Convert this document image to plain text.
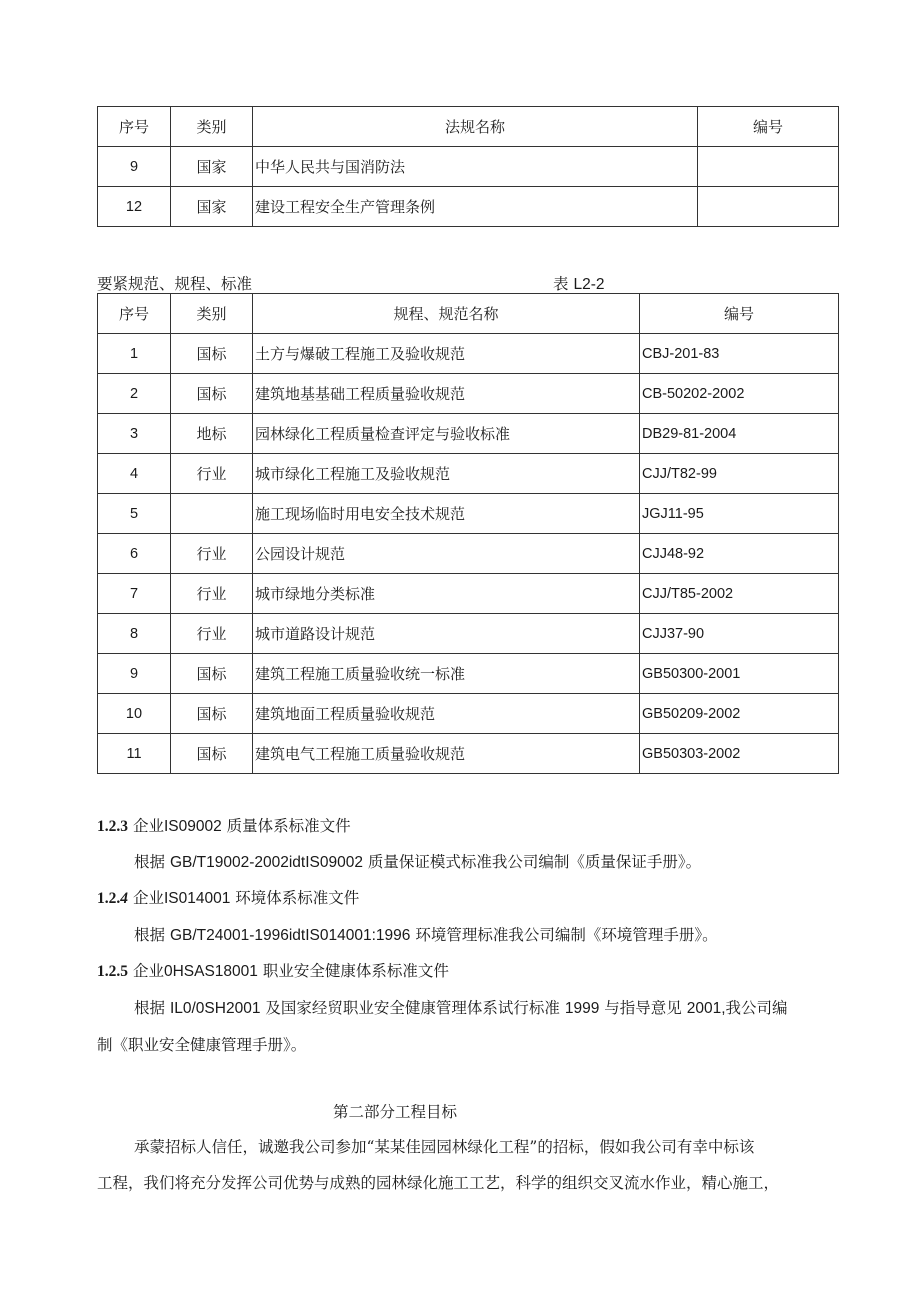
序号	类别	法规名称	编号
9	国家	中华人民共与国消防法	
12	国家	建设工程安全生产管理条例	
要紧规范、规程、标准	表 L2-2
序号	类别	规程、规范名称	编号
1	国标	土方与爆破工程施工及验收规范	CBJ-201-83
2	国标	建筑地基基础工程质量验收规范	CB-50202-2002
3	地标	园林绿化工程质量检查评定与验收标准	DB29-81-2004
4	行业	城市绿化工程施工及验收规范	CJJ/T82-99
5		施工现场临时用电安全技术规范	JGJ11-95
6	行业	公园设计规范	CJJ48-92
7	行业	城市绿地分类标准	CJJ/T85-2002
8	行业	城市道路设计规范	CJJ37-90
9	国标	建筑工程施工质量验收统一标准	GB50300-2001
10	国标	建筑地面工程质量验收规范	GB50209-2002
11	国标	建筑电气工程施工质量验收规范	GB50303-2002
1.2.3 企业IS09002 质量体系标准文件
根据 GB/T19002-2002idtIS09002 质量保证模式标准我公司编制《质量保证手册》。
1.2.4 企业IS014001 环境体系标准文件
根据 GB/T24001-1996idtIS014001:1996 环境管理标准我公司编制《环境管理手册》。
1.2.5 企业0HSAS18001 职业安全健康体系标准文件
根据 IL0/0SH2001 及国家经贸职业安全健康管理体系试行标准 1999 与指导意见 2001,我公司编
制《职业安全健康管理手册》。
第二部分工程目标
承蒙招标人信任，诚邀我公司参加“某某佳园园林绿化工程”的招标，假如我公司有幸中标该
工程，我们将充分发挥公司优势与成熟的园林绿化施工工艺，科学的组织交叉流水作业，精心施工，
